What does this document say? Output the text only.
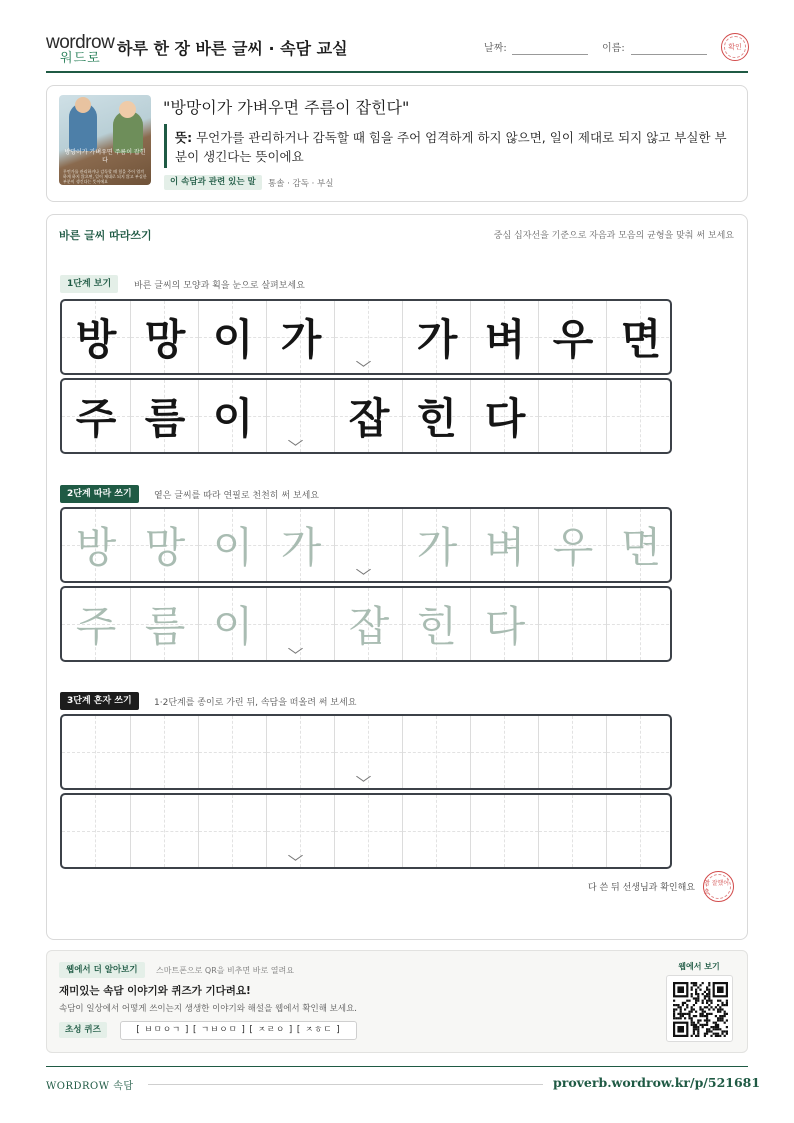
wordrow
워드로
하루 한 장 바른 글씨 · 속담 교실	날짜:	이름:	확인
방망이가 가벼우면 주름이 잡힌다
무언가를 관리하거나 감독할 때 힘을 주어 엄격하게 하지 않으면, 일이 제대로 되지 않고 부실한 부분이 생긴다는 뜻이에요
"방망이가 가벼우면 주름이 잡힌다"
뜻: 무언가를 관리하거나 감독할 때 힘을 주어 엄격하게 하지 않으면, 일이 제대로 되지 않고 부실한 부분이 생긴다는 뜻이에요
이 속담과 관련 있는 말	통솔 · 감독 · 부실
바른 글씨 따라쓰기	중심 십자선을 기준으로 자음과 모음의 균형을 맞춰 써 보세요
1단계 보기	바른 글씨의 모양과 획을 눈으로 살펴보세요
방 망 이 가	가 벼 우 면
주 름 이	잡 힌 다
2단계 따라 쓰기	옅은 글씨를 따라 연필로 천천히 써 보세요
방 망 이 가	가 벼 우 면
주 름 이	잡 힌 다
3단계 혼자 쓰기	1·2단계를 종이로 가린 뒤, 속담을 떠올려 써 보세요
다 쓴 뒤 선생님과 확인해요 참 잘했어요
웹에서 더 알아보기	스마트폰으로 QR을 비추면 바로 열려요
재미있는 속담 이야기와 퀴즈가 기다려요!
속담이 일상에서 어떻게 쓰이는지 생생한 이야기와 해설을 웹에서 확인해 보세요.
초성 퀴즈	[ ㅂㅁㅇㄱ ] [ ㄱㅂㅇㅁ ] [ ㅈㄹㅇ ] [ ㅈㅎㄷ ]
웹에서 보기
WORDROW 속담	proverb.wordrow.kr/p/521681
